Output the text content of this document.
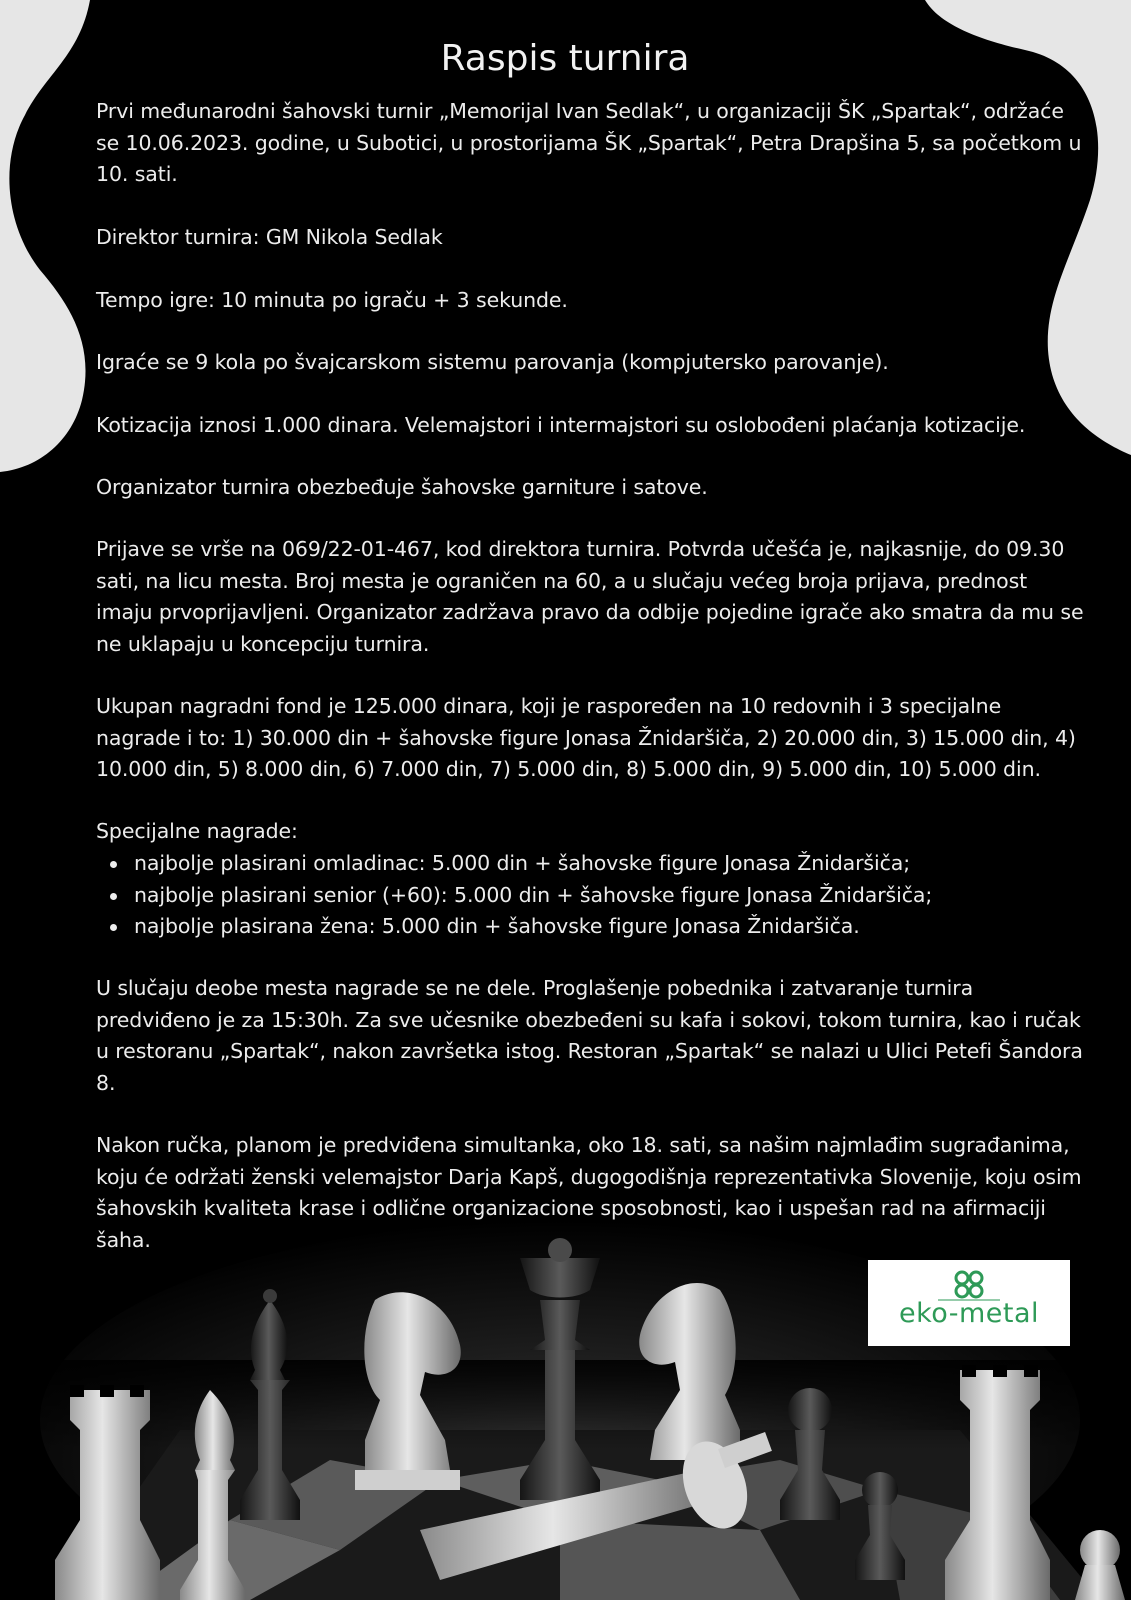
Raspis turnira

Prvi međunarodni šahovski turnir „Memorijal Ivan Sedlak“, u organizaciji ŠK „Spartak“, održaće se 10.06.2023. godine, u Subotici, u prostorijama ŠK „Spartak“, Petra Drapšina 5, sa početkom u 10. sati.

Direktor turnira: GM Nikola Sedlak

Tempo igre: 10 minuta po igraču + 3 sekunde.

Igraće se 9 kola po švajcarskom sistemu parovanja (kompjutersko parovanje).

Kotizacija iznosi 1.000 dinara. Velemajstori i intermajstori su oslobođeni plaćanja kotizacije.

Organizator turnira obezbeđuje šahovske garniture i satove.

Prijave se vrše na 069/22-01-467, kod direktora turnira. Potvrda učešća je, najkasnije, do 09.30 sati, na licu mesta. Broj mesta je ograničen na 60, a u slučaju većeg broja prijava, prednost imaju prvoprijavljeni. Organizator zadržava pravo da odbije pojedine igrače ako smatra da mu se ne uklapaju u koncepciju turnira.

Ukupan nagradni fond je 125.000 dinara, koji je raspoređen na 10 redovnih i 3 specijalne nagrade i to: 1) 30.000 din + šahovske figure Jonasa Žnidaršiča, 2) 20.000 din, 3) 15.000 din, 4) 10.000 din, 5) 8.000 din, 6) 7.000 din, 7) 5.000 din, 8) 5.000 din, 9) 5.000 din, 10) 5.000 din.

Specijalne nagrade:

najbolje plasirani omladinac: 5.000 din + šahovske figure Jonasa Žnidaršiča;
najbolje plasirani senior (+60): 5.000 din + šahovske figure Jonasa Žnidaršiča;
najbolje plasirana žena: 5.000 din + šahovske figure Jonasa Žnidaršiča.

U slučaju deobe mesta nagrade se ne dele. Proglašenje pobednika i zatvaranje turnira predviđeno je za 15:30h. Za sve učesnike obezbeđeni su kafa i sokovi, tokom turnira, kao i ručak u restoranu „Spartak“, nakon završetka istog. Restoran „Spartak“ se nalazi u Ulici Petefi Šandora 8.

Nakon ručka, planom je predviđena simultanka, oko 18. sati, sa našim najmlađim sugrađanima, koju će održati ženski velemajstor Darja Kapš, dugogodišnja reprezentativka Slovenije, koju osim šahovskih kvaliteta krase i odlične organizacione sposobnosti, kao i uspešan rad na afirmaciji šaha.

eko-metal
